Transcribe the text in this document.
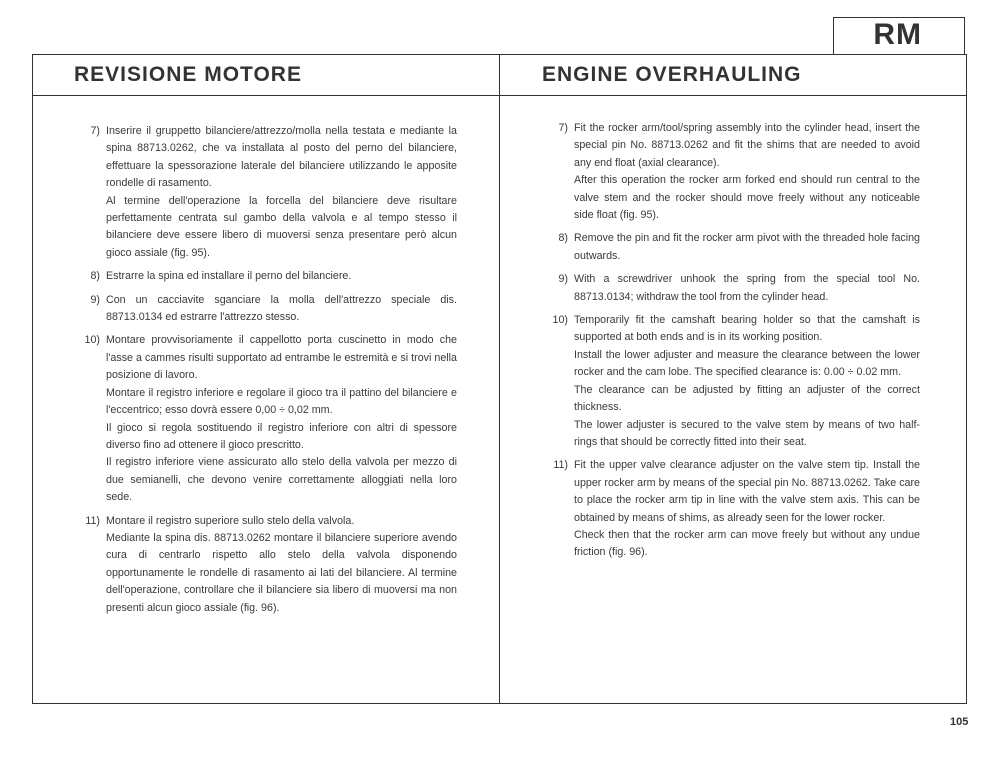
RM
REVISIONE MOTORE	ENGINE OVERHAULING
7) Inserire il gruppetto bilanciere/attrezzo/molla nella testata e mediante la spina 88713.0262, che va installata al posto del perno del bilanciere, effettuare la spessorazione laterale del bilanciere utilizzando le apposite rondelle di rasamento.

Al termine dell'operazione la forcella del bilanciere deve risultare perfettamente centrata sul gambo della valvola e al tempo stesso il bilanciere deve essere libero di muoversi senza presentare però alcun gioco assiale (fig. 95).

8) Estrarre la spina ed installare il perno del bilanciere.

9) Con un cacciavite sganciare la molla dell'attrezzo speciale dis. 88713.0134 ed estrarre l'attrezzo stesso.

10) Montare provvisoriamente il cappellotto porta cuscinetto in modo che l'asse a cammes risulti supportato ad entrambe le estremità e si trovi nella posizione di lavoro.

Montare il registro inferiore e regolare il gioco tra il pattino del bilanciere e l'eccentrico; esso dovrà essere 0,00 ÷ 0,02 mm.

Il gioco si regola sostituendo il registro inferiore con altri di spessore diverso fino ad ottenere il gioco prescritto.

Il registro inferiore viene assicurato allo stelo della valvola per mezzo di due semianelli, che devono venire correttamente alloggiati nella loro sede.

11) Montare il registro superiore sullo stelo della valvola.

Mediante la spina dis. 88713.0262 montare il bilanciere superiore avendo cura di centrarlo rispetto allo stelo della valvola disponendo opportunamente le rondelle di rasamento ai lati del bilanciere. Al termine dell'operazione, controllare che il bilanciere sia libero di muoversi ma non presenti alcun gioco assiale (fig. 96).

7) Fit the rocker arm/tool/spring assembly into the cylinder head, insert the special pin No. 88713.0262 and fit the shims that are needed to avoid any end float (axial clearance).

After this operation the rocker arm forked end should run central to the valve stem and the rocker should move freely without any noticeable side float (fig. 95).

8) Remove the pin and fit the rocker arm pivot with the threaded hole facing outwards.

9) With a screwdriver unhook the spring from the special tool No. 88713.0134; withdraw the tool from the cylinder head.

10) Temporarily fit the camshaft bearing holder so that the camshaft is supported at both ends and is in its working position.

Install the lower adjuster and measure the clearance between the lower rocker and the cam lobe. The specified clearance is: 0.00 ÷ 0.02 mm.

The clearance can be adjusted by fitting an adjuster of the correct thickness.

The lower adjuster is secured to the valve stem by means of two half-rings that should be correctly fitted into their seat.

11) Fit the upper valve clearance adjuster on the valve stem tip. Install the upper rocker arm by means of the special pin No. 88713.0262. Take care to place the rocker arm tip in line with the valve stem axis. This can be obtained by means of shims, as already seen for the lower rocker.

Check then that the rocker arm can move freely but without any undue friction (fig. 96).

105
